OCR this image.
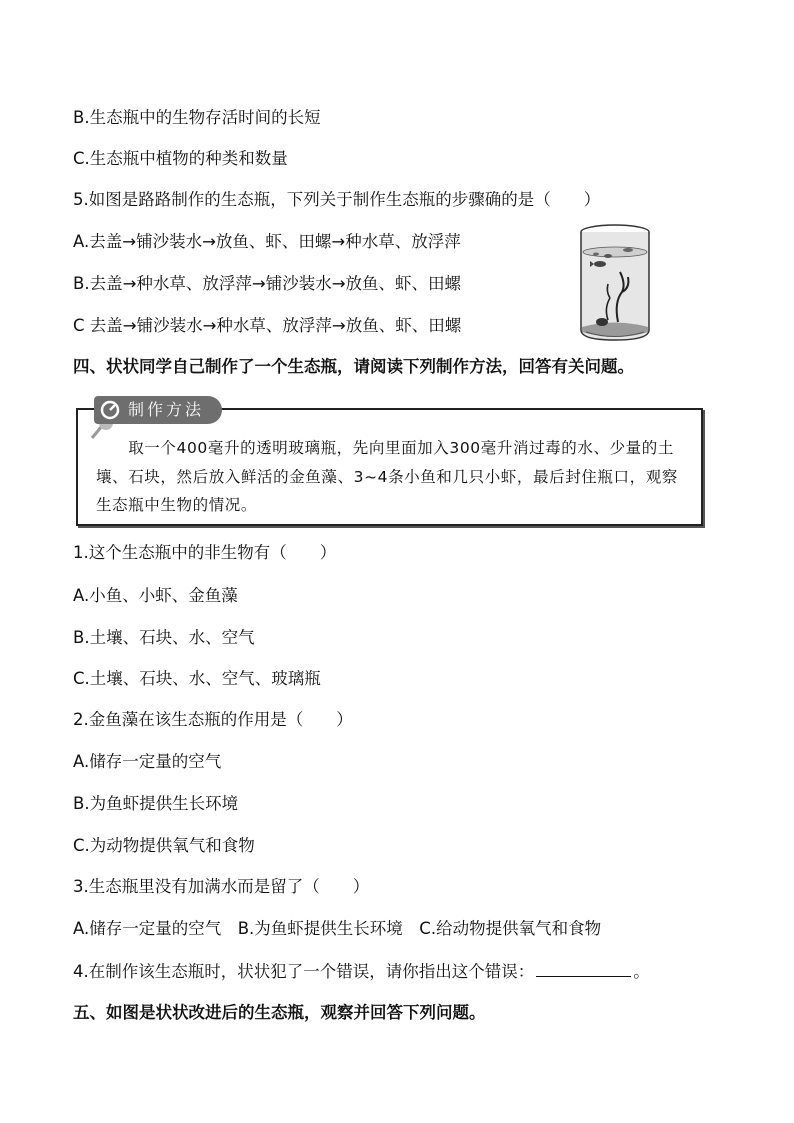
B.生态瓶中的生物存活时间的长短
C.生态瓶中植物的种类和数量
5.如图是路路制作的生态瓶，下列关于制作生态瓶的步骤确的是（　　）
A.去盖→铺沙装水→放鱼、虾、田螺→种水草、放浮萍
B.去盖→种水草、放浮萍→铺沙装水→放鱼、虾、田螺
C 去盖→铺沙装水→种水草、放浮萍→放鱼、虾、田螺
四、状状同学自己制作了一个生态瓶，请阅读下列制作方法，回答有关问题。
　　取一个400毫升的透明玻璃瓶，先向里面加入300毫升消过毒的水、少量的土壤、石块，然后放入鲜活的金鱼藻、3~4条小鱼和几只小虾，最后封住瓶口，观察生态瓶中生物的情况。
制作方法
1.这个生态瓶中的非生物有（　　）
A.小鱼、小虾、金鱼藻
B.土壤、石块、水、空气
C.土壤、石块、水、空气、玻璃瓶
2.金鱼藻在该生态瓶的作用是（　　）
A.储存一定量的空气
B.为鱼虾提供生长环境
C.为动物提供氧气和食物
3.生态瓶里没有加满水而是留了（　　）
A.储存一定量的空气　B.为鱼虾提供生长环境　C.给动物提供氧气和食物
4.在制作该生态瓶时，状状犯了一个错误，请你指出这个错误：	。
五、如图是状状改进后的生态瓶，观察并回答下列问题。
